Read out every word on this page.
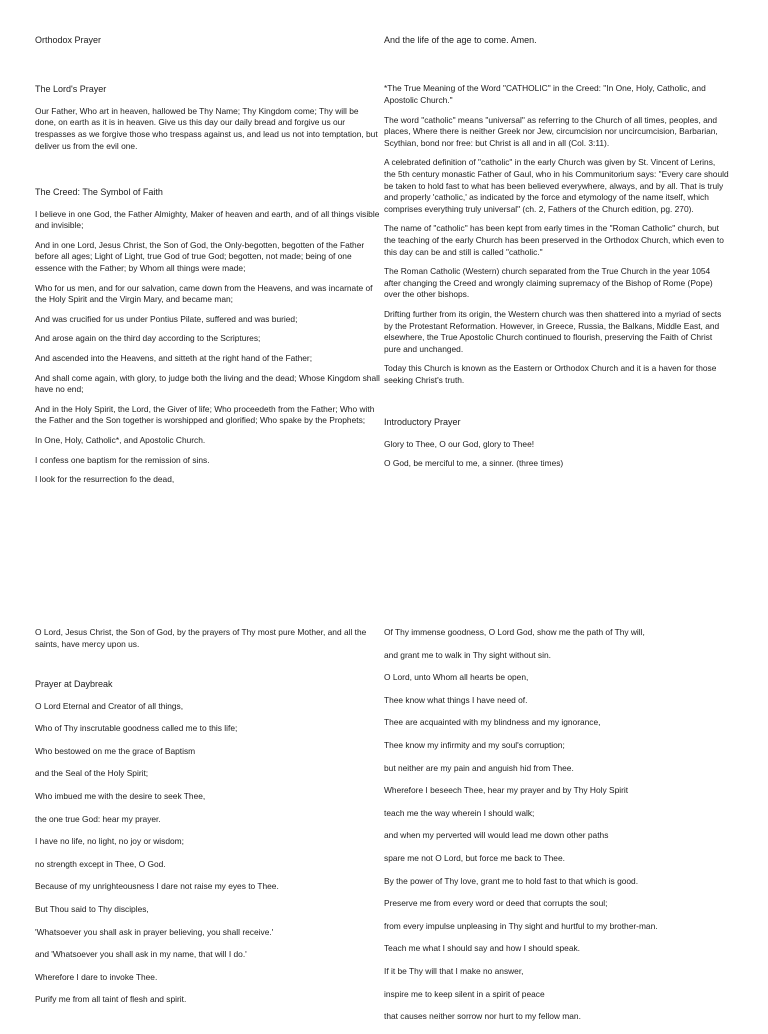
Orthodox Prayer
The Lord's Prayer

Our Father, Who art in heaven, hallowed be Thy Name; Thy Kingdom come; Thy will be done, on earth as it is in heaven. Give us this day our daily bread and forgive us our trespasses as we forgive those who trespass against us, and lead us not into temptation, but deliver us from the evil one.

The Creed: The Symbol of Faith

I believe in one God, the Father Almighty, Maker of heaven and earth, and of all things visible and invisible;

And in one Lord, Jesus Christ, the Son of God, the Only-begotten, begotten of the Father before all ages; Light of Light, true God of true God; begotten, not made; being of one essence with the Father; by Whom all things were made;

Who for us men, and for our salvation, came down from the Heavens, and was incarnate of the Holy Spirit and the Virgin Mary, and became man;

And was crucified for us under Pontius Pilate, suffered and was buried;

And arose again on the third day according to the Scriptures;

And ascended into the Heavens, and sitteth at the right hand of the Father;

And shall come again, with glory, to judge both the living and the dead; Whose Kingdom shall have no end;

And in the Holy Spirit, the Lord, the Giver of life; Who proceedeth from the Father; Who with the Father and the Son together is worshipped and glorified; Who spake by the Prophets;

In One, Holy, Catholic*, and Apostolic Church.

I confess one baptism for the remission of sins.

I look for the resurrection fo the dead,

And the life of the age to come. Amen.

*The True Meaning of the Word "CATHOLIC" in the Creed: "In One, Holy, Catholic, and Apostolic Church."

The word "catholic" means "universal" as referring to the Church of all times, peoples, and places, Where there is neither Greek nor Jew, circumcision nor uncircumcision, Barbarian, Scythian, bond nor free: but Christ is all and in all (Col. 3:11).

A celebrated definition of "catholic" in the early Church was given by St. Vincent of Lerins, the 5th century monastic Father of Gaul, who in his Communitorium says: "Every care should be taken to hold fast to what has been believed everywhere, always, and by all. That is truly and properly 'catholic,' as indicated by the force and etymology of the name itself, which comprises everything truly universal" (ch. 2, Fathers of the Church edition, pg. 270).

The name of "catholic" has been kept from early times in the "Roman Catholic" church, but the teaching of the early Church has been preserved in the Orthodox Church, which even to this day can be and still is called "catholic."

The Roman Catholic (Western) church separated from the True Church in the year 1054 after changing the Creed and wrongly claiming supremacy of the Bishop of Rome (Pope) over the other bishops.

Drifting further from its origin, the Western church was then shattered into a myriad of sects by the Protestant Reformation. However, in Greece, Russia, the Balkans, Middle East, and elsewhere, the True Apostolic Church continued to flourish, preserving the Faith of Christ pure and unchanged.

Today this Church is known as the Eastern or Orthodox Church and it is a haven for those seeking Christ's truth.

Introductory Prayer

Glory to Thee, O our God, glory to Thee!

O God, be merciful to me, a sinner. (three times)

O Lord, Jesus Christ, the Son of God, by the prayers of Thy most pure Mother, and all the saints, have mercy upon us.

Prayer at Daybreak
O Lord Eternal and Creator of all things,
Who of Thy inscrutable goodness called me to this life;
Who bestowed on me the grace of Baptism
and the Seal of the Holy Spirit;
Who imbued me with the desire to seek Thee,
the one true God: hear my prayer.
I have no life, no light, no joy or wisdom;
no strength except in Thee, O God.
Because of my unrighteousness I dare not raise my eyes to Thee.
But Thou said to Thy disciples,
'Whatsoever you shall ask in prayer believing, you shall receive.'
and 'Whatsoever you shall ask in my name, that will I do.'
Wherefore I dare to invoke Thee.
Purify me from all taint of flesh and spirit.
Of Thy immense goodness, O Lord God, show me the path of Thy will,
and grant me to walk in Thy sight without sin.
O Lord, unto Whom all hearts be open,
Thee know what things I have need of.
Thee are acquainted with my blindness and my ignorance,
Thee know my infirmity and my soul's corruption;
but neither are my pain and anguish hid from Thee.
Wherefore I beseech Thee, hear my prayer and by Thy Holy Spirit
teach me the way wherein I should walk;
and when my perverted will would lead me down other paths
spare me not O Lord, but force me back to Thee.
By the power of Thy love, grant me to hold fast to that which is good.
Preserve me from every word or deed that corrupts the soul;
from every impulse unpleasing in Thy sight and hurtful to my brother-man.
Teach me what I should say and how I should speak.
If it be Thy will that I make no answer,
inspire me to keep silent in a spirit of peace
that causes neither sorrow nor hurt to my fellow man.
